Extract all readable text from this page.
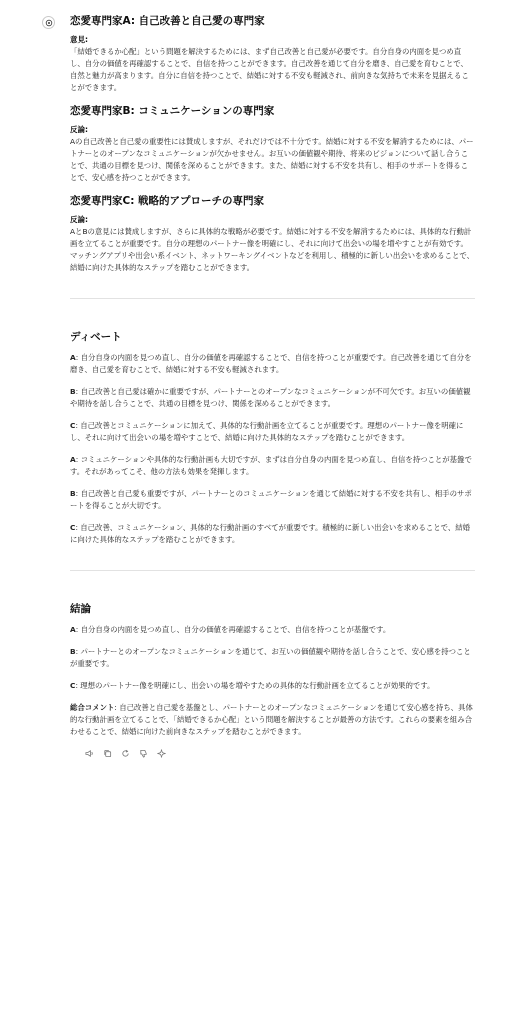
恋愛専門家A: 自己改善と自己愛の専門家
意見:

「結婚できるか心配」という問題を解決するためには、まず自己改善と自己愛が必要です。自分自身の内面を見つめ直し、自分の価値を再確認することで、自信を持つことができます。自己改善を通じて自分を磨き、自己愛を育むことで、自然と魅力が高まります。自分に自信を持つことで、結婚に対する不安も軽減され、前向きな気持ちで未来を見据えることができます。

恋愛専門家B: コミュニケーションの専門家
反論:

Aの自己改善と自己愛の重要性には賛成しますが、それだけでは不十分です。結婚に対する不安を解消するためには、パートナーとのオープンなコミュニケーションが欠かせません。お互いの価値観や期待、将来のビジョンについて話し合うことで、共通の目標を見つけ、関係を深めることができます。また、結婚に対する不安を共有し、相手のサポートを得ることで、安心感を持つことができます。

恋愛専門家C: 戦略的アプローチの専門家
反論:

AとBの意見には賛成しますが、さらに具体的な戦略が必要です。結婚に対する不安を解消するためには、具体的な行動計画を立てることが重要です。自分の理想のパートナー像を明確にし、それに向けて出会いの場を増やすことが有効です。マッチングアプリや出会い系イベント、ネットワーキングイベントなどを利用し、積極的に新しい出会いを求めることで、結婚に向けた具体的なステップを踏むことができます。

ディベート

A: 自分自身の内面を見つめ直し、自分の価値を再確認することで、自信を持つことが重要です。自己改善を通じて自分を磨き、自己愛を育むことで、結婚に対する不安も軽減されます。

B: 自己改善と自己愛は確かに重要ですが、パートナーとのオープンなコミュニケーションが不可欠です。お互いの価値観や期待を話し合うことで、共通の目標を見つけ、関係を深めることができます。

C: 自己改善とコミュニケーションに加えて、具体的な行動計画を立てることが重要です。理想のパートナー像を明確にし、それに向けて出会いの場を増やすことで、結婚に向けた具体的なステップを踏むことができます。

A: コミュニケーションや具体的な行動計画も大切ですが、まずは自分自身の内面を見つめ直し、自信を持つことが基盤です。それがあってこそ、他の方法も効果を発揮します。

B: 自己改善と自己愛も重要ですが、パートナーとのコミュニケーションを通じて結婚に対する不安を共有し、相手のサポートを得ることが大切です。

C: 自己改善、コミュニケーション、具体的な行動計画のすべてが重要です。積極的に新しい出会いを求めることで、結婚に向けた具体的なステップを踏むことができます。

結論

A: 自分自身の内面を見つめ直し、自分の価値を再確認することで、自信を持つことが基盤です。

B: パートナーとのオープンなコミュニケーションを通じて、お互いの価値観や期待を話し合うことで、安心感を持つことが重要です。

C: 理想のパートナー像を明確にし、出会いの場を増やすための具体的な行動計画を立てることが効果的です。

総合コメント: 自己改善と自己愛を基盤とし、パートナーとのオープンなコミュニケーションを通じて安心感を持ち、具体的な行動計画を立てることで、「結婚できるか心配」という問題を解決することが最善の方法です。これらの要素を組み合わせることで、結婚に向けた前向きなステップを踏むことができます。
